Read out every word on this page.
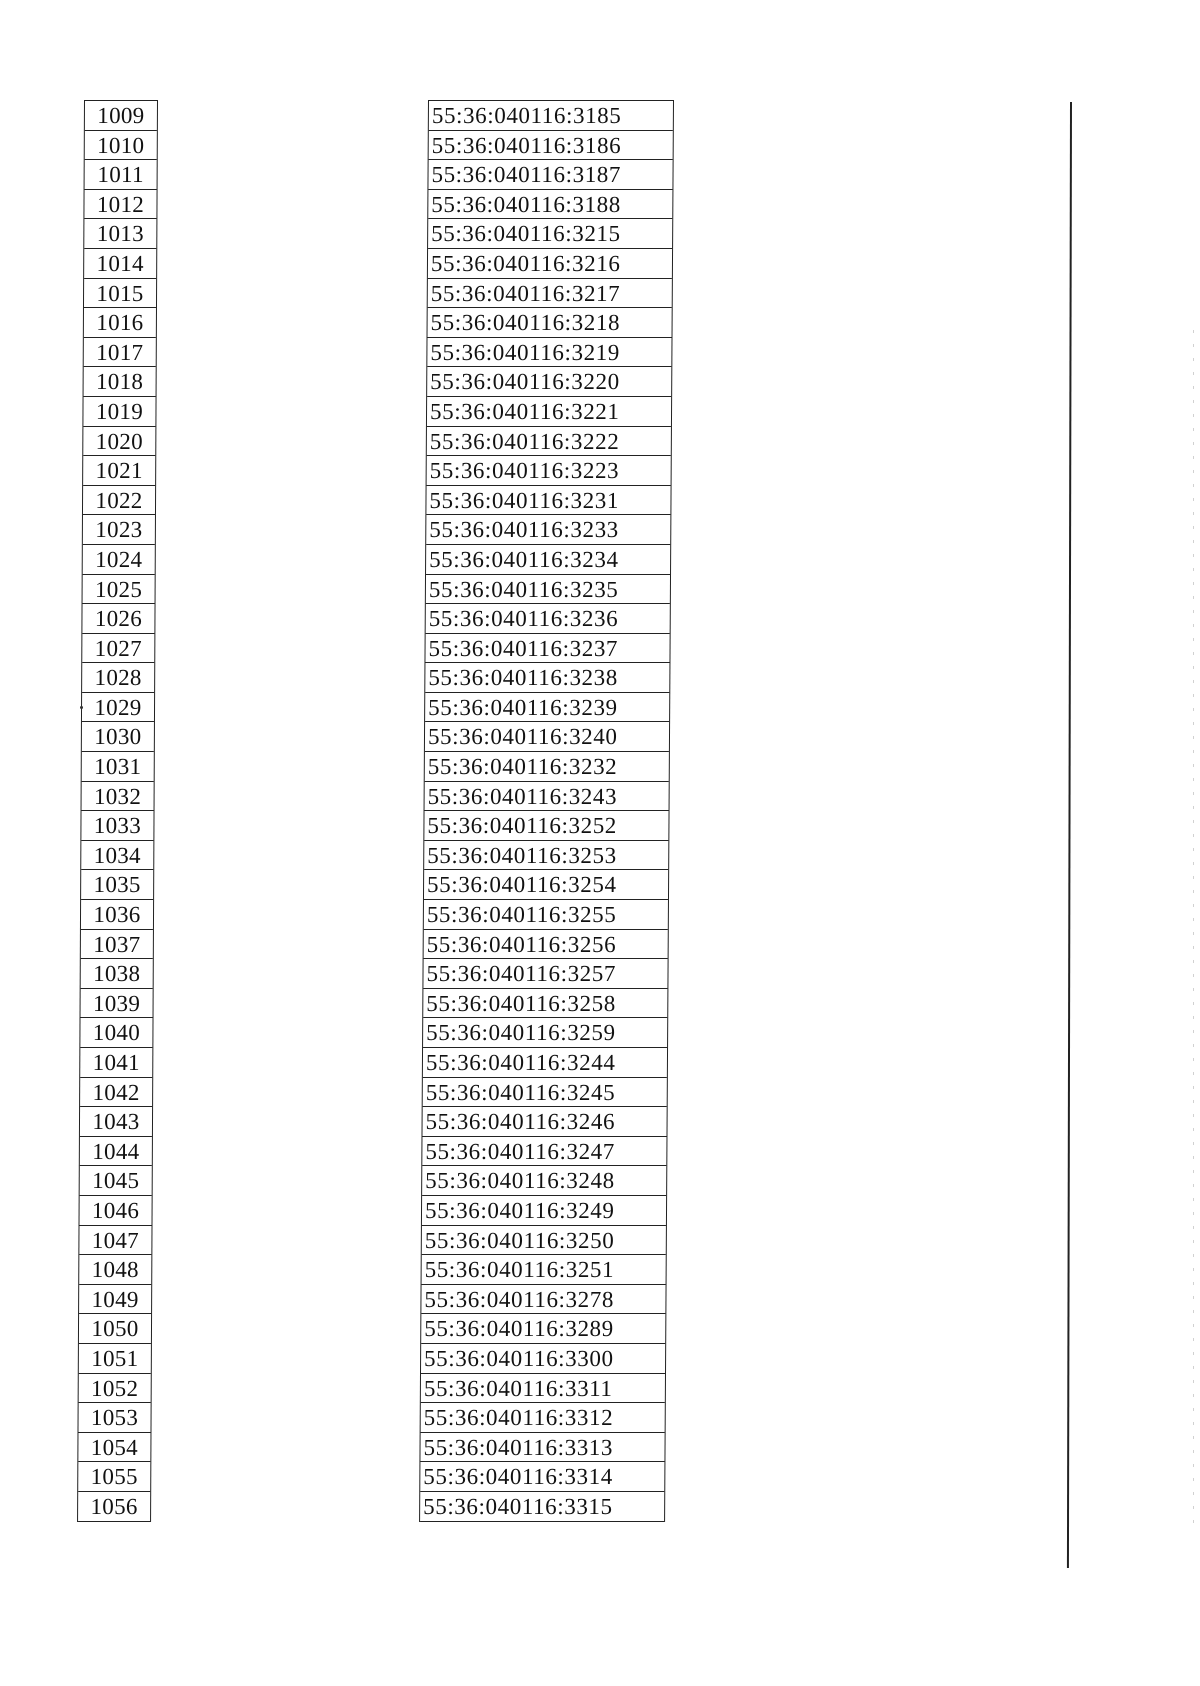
1009
1010
1011
1012
1013
1014
1015
1016
1017
1018
1019
1020
1021
1022
1023
1024
1025
1026
1027
1028
1029
1030
1031
1032
1033
1034
1035
1036
1037
1038
1039
1040
1041
1042
1043
1044
1045
1046
1047
1048
1049
1050
1051
1052
1053
1054
1055
1056
55:36:040116:3185
55:36:040116:3186
55:36:040116:3187
55:36:040116:3188
55:36:040116:3215
55:36:040116:3216
55:36:040116:3217
55:36:040116:3218
55:36:040116:3219
55:36:040116:3220
55:36:040116:3221
55:36:040116:3222
55:36:040116:3223
55:36:040116:3231
55:36:040116:3233
55:36:040116:3234
55:36:040116:3235
55:36:040116:3236
55:36:040116:3237
55:36:040116:3238
55:36:040116:3239
55:36:040116:3240
55:36:040116:3232
55:36:040116:3243
55:36:040116:3252
55:36:040116:3253
55:36:040116:3254
55:36:040116:3255
55:36:040116:3256
55:36:040116:3257
55:36:040116:3258
55:36:040116:3259
55:36:040116:3244
55:36:040116:3245
55:36:040116:3246
55:36:040116:3247
55:36:040116:3248
55:36:040116:3249
55:36:040116:3250
55:36:040116:3251
55:36:040116:3278
55:36:040116:3289
55:36:040116:3300
55:36:040116:3311
55:36:040116:3312
55:36:040116:3313
55:36:040116:3314
55:36:040116:3315
